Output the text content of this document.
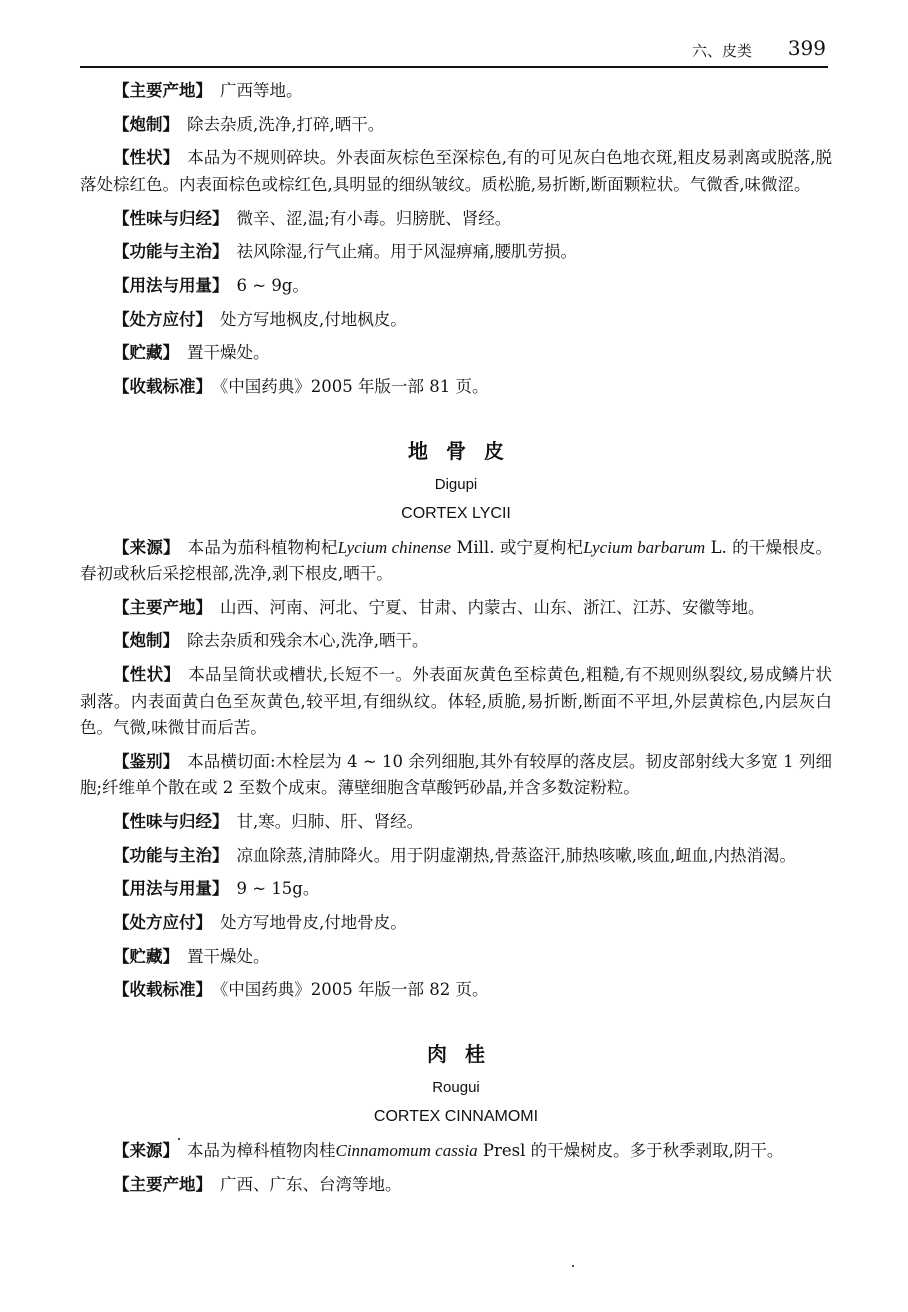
六、皮类 399

【主要产地】 广西等地。

【炮制】 除去杂质,洗净,打碎,晒干。

【性状】 本品为不规则碎块。外表面灰棕色至深棕色,有的可见灰白色地衣斑,粗皮易剥离或脱落,脱落处棕红色。内表面棕色或棕红色,具明显的细纵皱纹。质松脆,易折断,断面颗粒状。气微香,味微涩。

【性味与归经】 微辛、涩,温;有小毒。归膀胱、肾经。

【功能与主治】 祛风除湿,行气止痛。用于风湿痹痛,腰肌劳损。

【用法与用量】 6 ~ 9g。

【处方应付】 处方写地枫皮,付地枫皮。

【贮藏】 置干燥处。

【收载标准】 《中国药典》2005 年版一部 81 页。

地骨皮
Digupi
CORTEX LYCII

【来源】 本品为茄科植物枸杞Lycium chinense Mill. 或宁夏枸杞Lycium barbarum L. 的干燥根皮。春初或秋后采挖根部,洗净,剥下根皮,晒干。

【主要产地】 山西、河南、河北、宁夏、甘肃、内蒙古、山东、浙江、江苏、安徽等地。

【炮制】 除去杂质和残余木心,洗净,晒干。

【性状】 本品呈筒状或槽状,长短不一。外表面灰黄色至棕黄色,粗糙,有不规则纵裂纹,易成鳞片状剥落。内表面黄白色至灰黄色,较平坦,有细纵纹。体轻,质脆,易折断,断面不平坦,外层黄棕色,内层灰白色。气微,味微甘而后苦。

【鉴别】 本品横切面:木栓层为 4 ~ 10 余列细胞,其外有较厚的落皮层。韧皮部射线大多宽 1 列细胞;纤维单个散在或 2 至数个成束。薄壁细胞含草酸钙砂晶,并含多数淀粉粒。

【性味与归经】 甘,寒。归肺、肝、肾经。

【功能与主治】 凉血除蒸,清肺降火。用于阴虚潮热,骨蒸盗汗,肺热咳嗽,咳血,衄血,内热消渴。

【用法与用量】 9 ~ 15g。

【处方应付】 处方写地骨皮,付地骨皮。

【贮藏】 置干燥处。

【收载标准】 《中国药典》2005 年版一部 82 页。

肉桂
Rougui
CORTEX CINNAMOMI

【来源】 本品为樟科植物肉桂Cinnamomum cassia Presl 的干燥树皮。多于秋季剥取,阴干。

【主要产地】 广西、广东、台湾等地。
